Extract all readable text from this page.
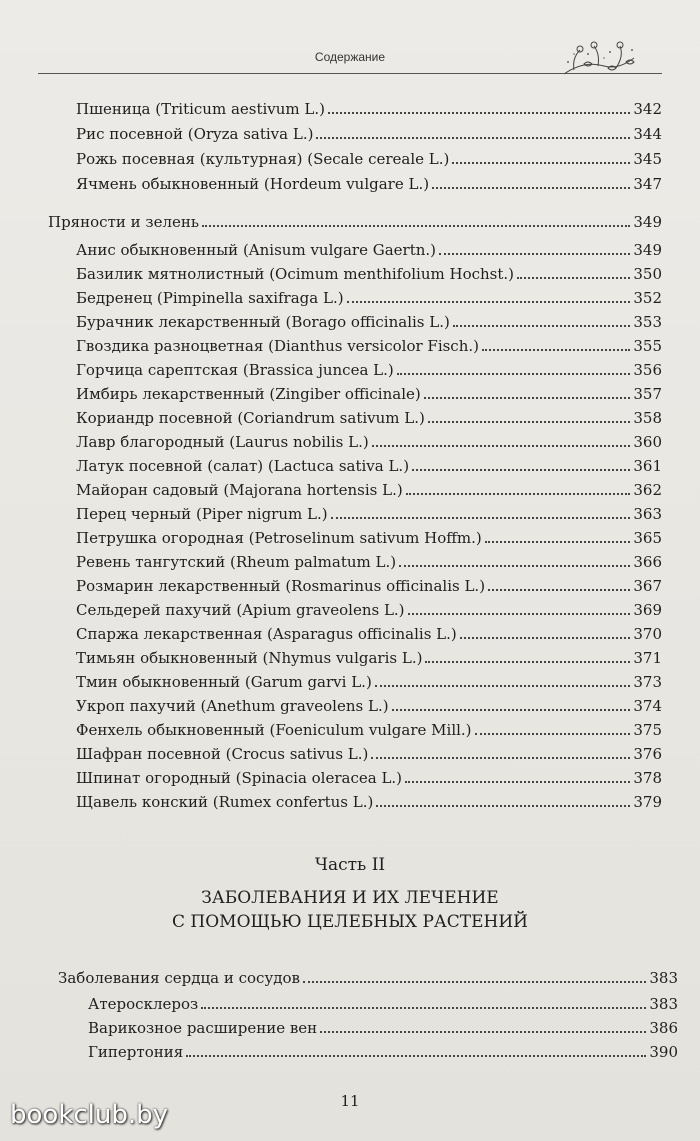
Содержание
Пшеница (Triticum aestivum L.)	342
Рис посевной (Oryza sativa L.)	344
Рожь посевная (культурная) (Secale cereale L.)	345
Ячмень обыкновенный (Hordeum vulgare L.)	347
Пряности и зелень	349
Анис обыкновенный (Anisum vulgare Gaertn.)	349
Базилик мятнолистный (Ocimum menthifolium Hochst.)	350
Бедренец (Pimpinella saxifraga L.)	352
Бурачник лекарственный (Borago officinalis L.)	353
Гвоздика разноцветная (Dianthus versicolor Fisch.)	355
Горчица сарептская (Brassica juncea L.)	356
Имбирь лекарственный (Zingiber officinale)	357
Кориандр посевной (Coriandrum sativum L.)	358
Лавр благородный (Laurus nobilis L.)	360
Латук посевной (салат) (Lactuca sativa L.)	361
Майоран садовый (Majorana hortensis L.)	362
Перец черный (Piper nigrum L.)	363
Петрушка огородная (Petroselinum sativum Hoffm.)	365
Ревень тангутский (Rheum palmatum L.)	366
Розмарин лекарственный (Rosmarinus officinalis L.)	367
Сельдерей пахучий (Apium graveolens L.)	369
Спаржа лекарственная (Asparagus officinalis L.)	370
Тимьян обыкновенный (Nhymus vulgaris L.)	371
Тмин обыкновенный (Garum garvi L.)	373
Укроп пахучий (Anethum graveolens L.)	374
Фенхель обыкновенный (Foeniculum vulgare Mill.)	375
Шафран посевной (Crocus sativus L.)	376
Шпинат огородный (Spinacia oleracea L.)	378
Щавель конский (Rumex confertus L.)	379
Часть II
ЗАБОЛЕВАНИЯ И ИХ ЛЕЧЕНИЕ
С ПОМОЩЬЮ ЦЕЛЕБНЫХ РАСТЕНИЙ
Заболевания сердца и сосудов	383
Атеросклероз	383
Варикозное расширение вен	386
Гипертония	390
11
bookclub.by
